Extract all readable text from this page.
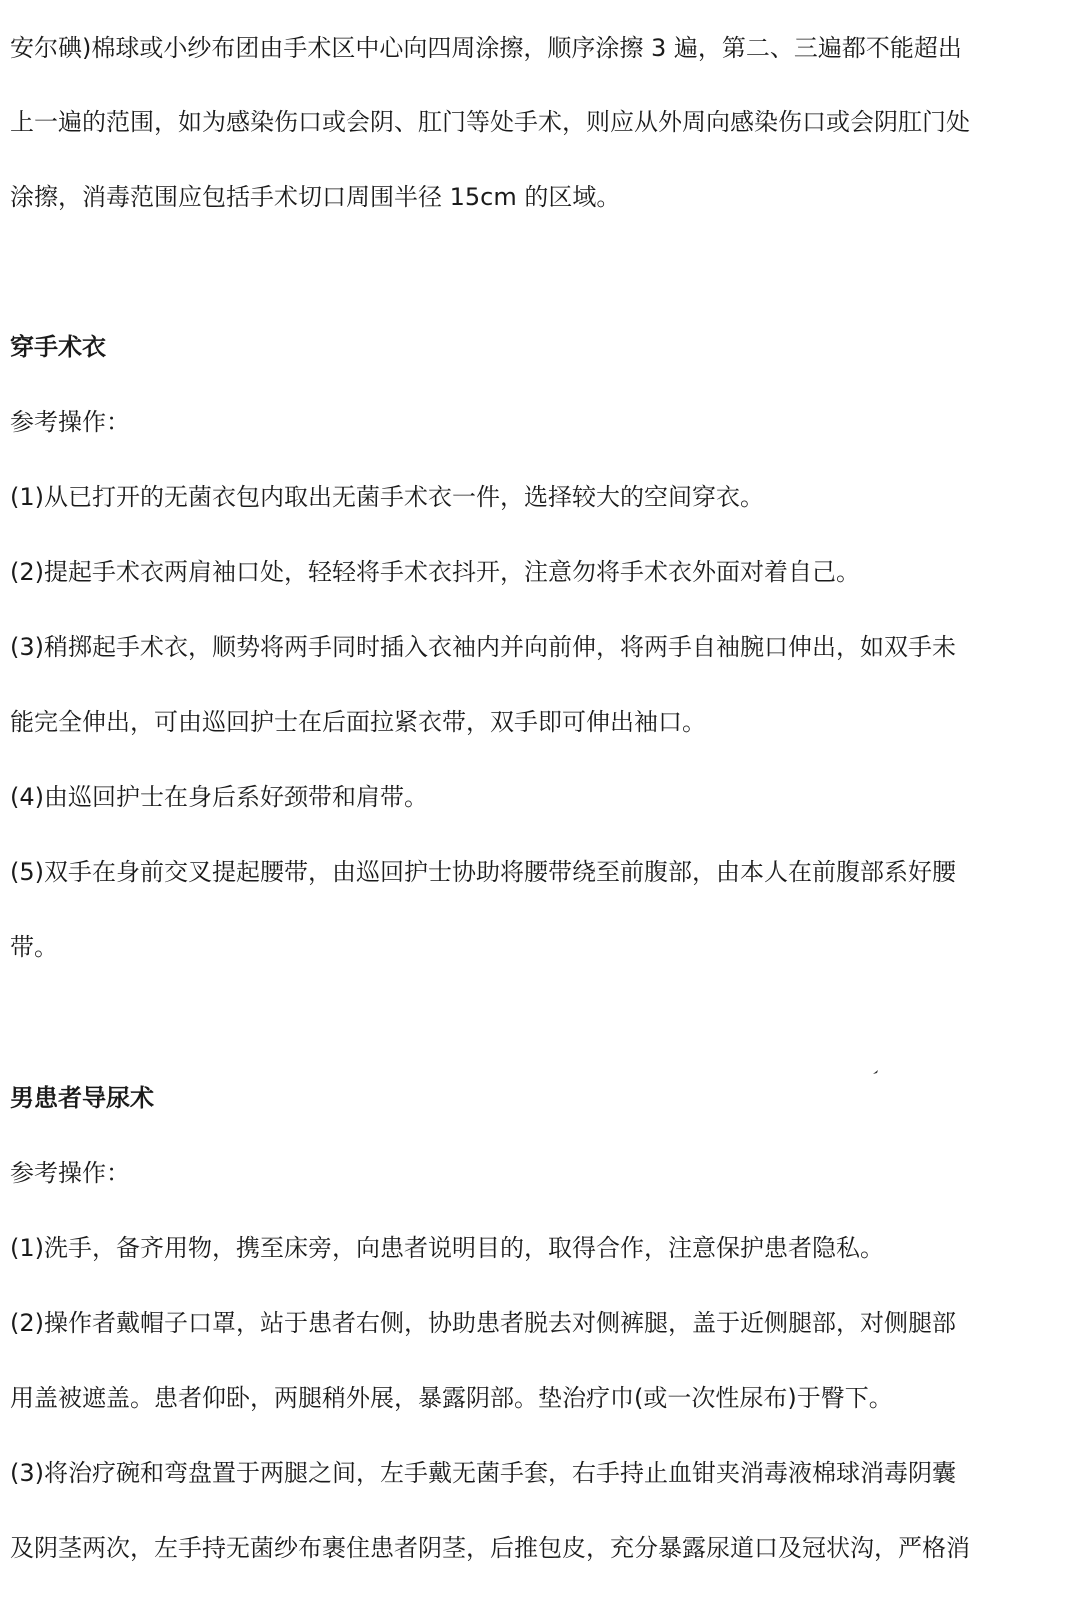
安尔碘)棉球或小纱布团由手术区中心向四周涂擦，顺序涂擦 3 遍，第二、三遍都不能超出
上一遍的范围，如为感染伤口或会阴、肛门等处手术，则应从外周向感染伤口或会阴肛门处
涂擦，消毒范围应包括手术切口周围半径 15cm 的区域。
穿手术衣
参考操作：
(1)从已打开的无菌衣包内取出无菌手术衣一件，选择较大的空间穿衣。
(2)提起手术衣两肩袖口处，轻轻将手术衣抖开，注意勿将手术衣外面对着自己。
(3)稍掷起手术衣，顺势将两手同时插入衣袖内并向前伸，将两手自袖腕口伸出，如双手未
能完全伸出，可由巡回护士在后面拉紧衣带，双手即可伸出袖口。
(4)由巡回护士在身后系好颈带和肩带。
(5)双手在身前交叉提起腰带，由巡回护士协助将腰带绕至前腹部，由本人在前腹部系好腰
带。
男患者导尿术
参考操作：
(1)洗手，备齐用物，携至床旁，向患者说明目的，取得合作，注意保护患者隐私。
(2)操作者戴帽子口罩，站于患者右侧，协助患者脱去对侧裤腿，盖于近侧腿部，对侧腿部
用盖被遮盖。患者仰卧，两腿稍外展，暴露阴部。垫治疗巾(或一次性尿布)于臀下。
(3)将治疗碗和弯盘置于两腿之间，左手戴无菌手套，右手持止血钳夹消毒液棉球消毒阴囊
及阴茎两次，左手持无菌纱布裹住患者阴茎，后推包皮，充分暴露尿道口及冠状沟，严格消
